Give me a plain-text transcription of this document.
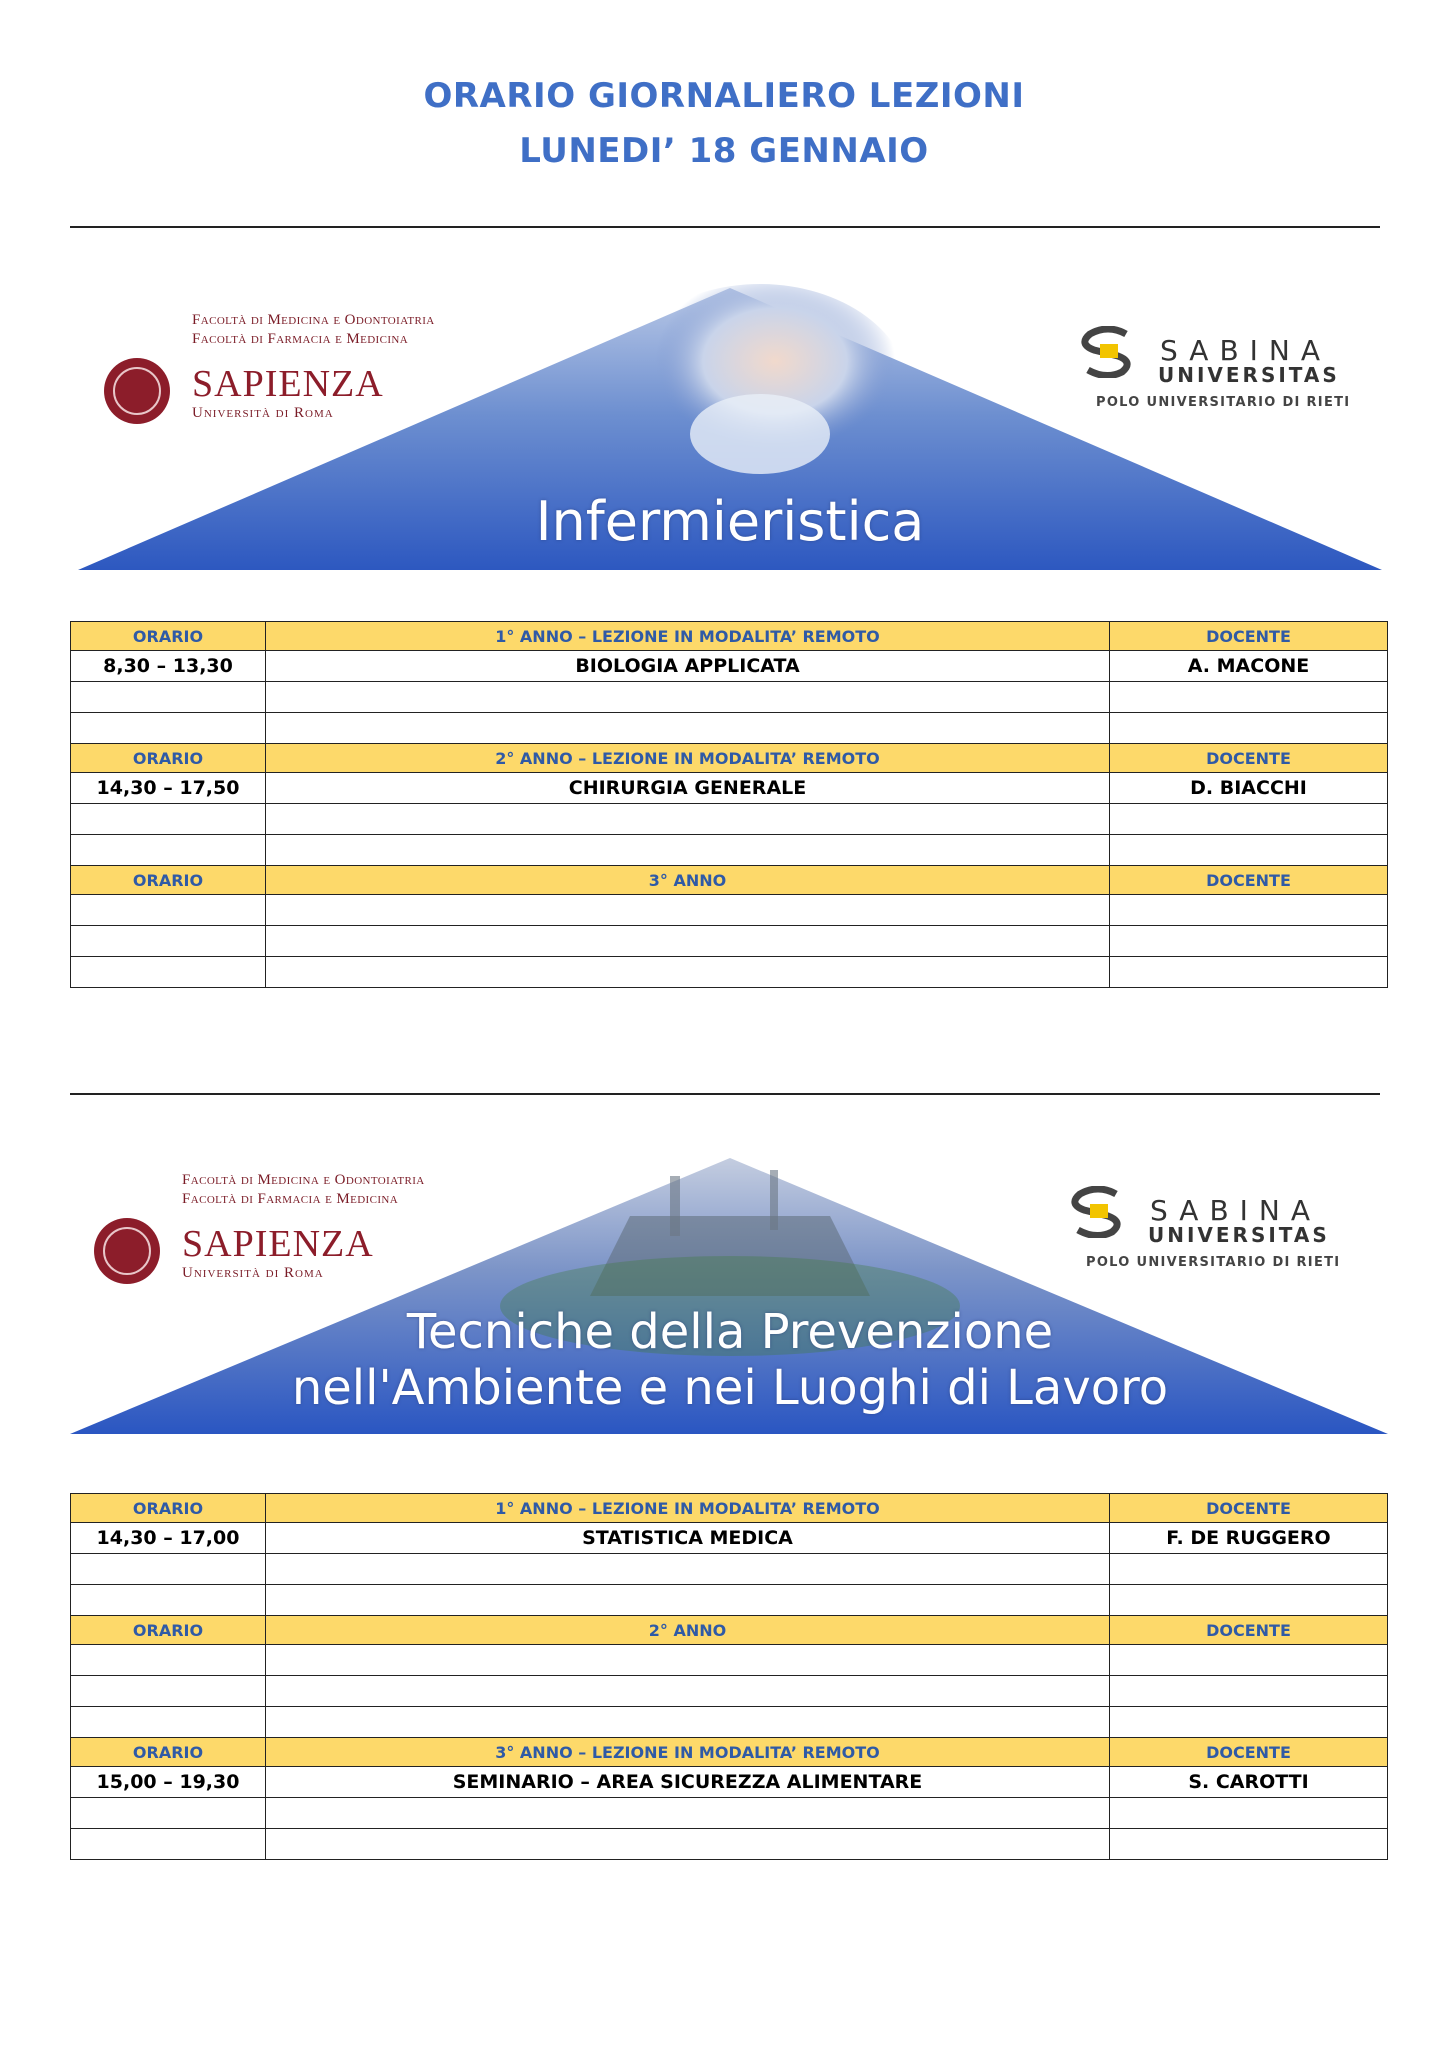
ORARIO GIORNALIERO LEZIONI
LUNEDI’ 18 GENNAIO
Facoltà di Medicina e Odontoiatria
Facoltà di Farmacia e Medicina
SAPIENZA
Università di Roma
SABINA
UNIVERSITAS
POLO UNIVERSITARIO DI RIETI
Infermieristica
ORARIO	1° ANNO – LEZIONE IN MODALITA’ REMOTO	DOCENTE
8,30 – 13,30	BIOLOGIA APPLICATA	A. MACONE

ORARIO	2° ANNO – LEZIONE IN MODALITA’ REMOTO	DOCENTE
14,30 – 17,50	CHIRURGIA GENERALE	D. BIACCHI

ORARIO	3° ANNO	DOCENTE

Facoltà di Medicina e Odontoiatria
Facoltà di Farmacia e Medicina
SAPIENZA
Università di Roma
SABINA
UNIVERSITAS
POLO UNIVERSITARIO DI RIETI
Tecniche della Prevenzione
nell'Ambiente e nei Luoghi di Lavoro
ORARIO	1° ANNO – LEZIONE IN MODALITA’ REMOTO	DOCENTE
14,30 – 17,00	STATISTICA MEDICA	F. DE RUGGERO

ORARIO	2° ANNO	DOCENTE

ORARIO	3° ANNO – LEZIONE IN MODALITA’ REMOTO	DOCENTE
15,00 – 19,30	SEMINARIO – AREA SICUREZZA ALIMENTARE	S. CAROTTI
